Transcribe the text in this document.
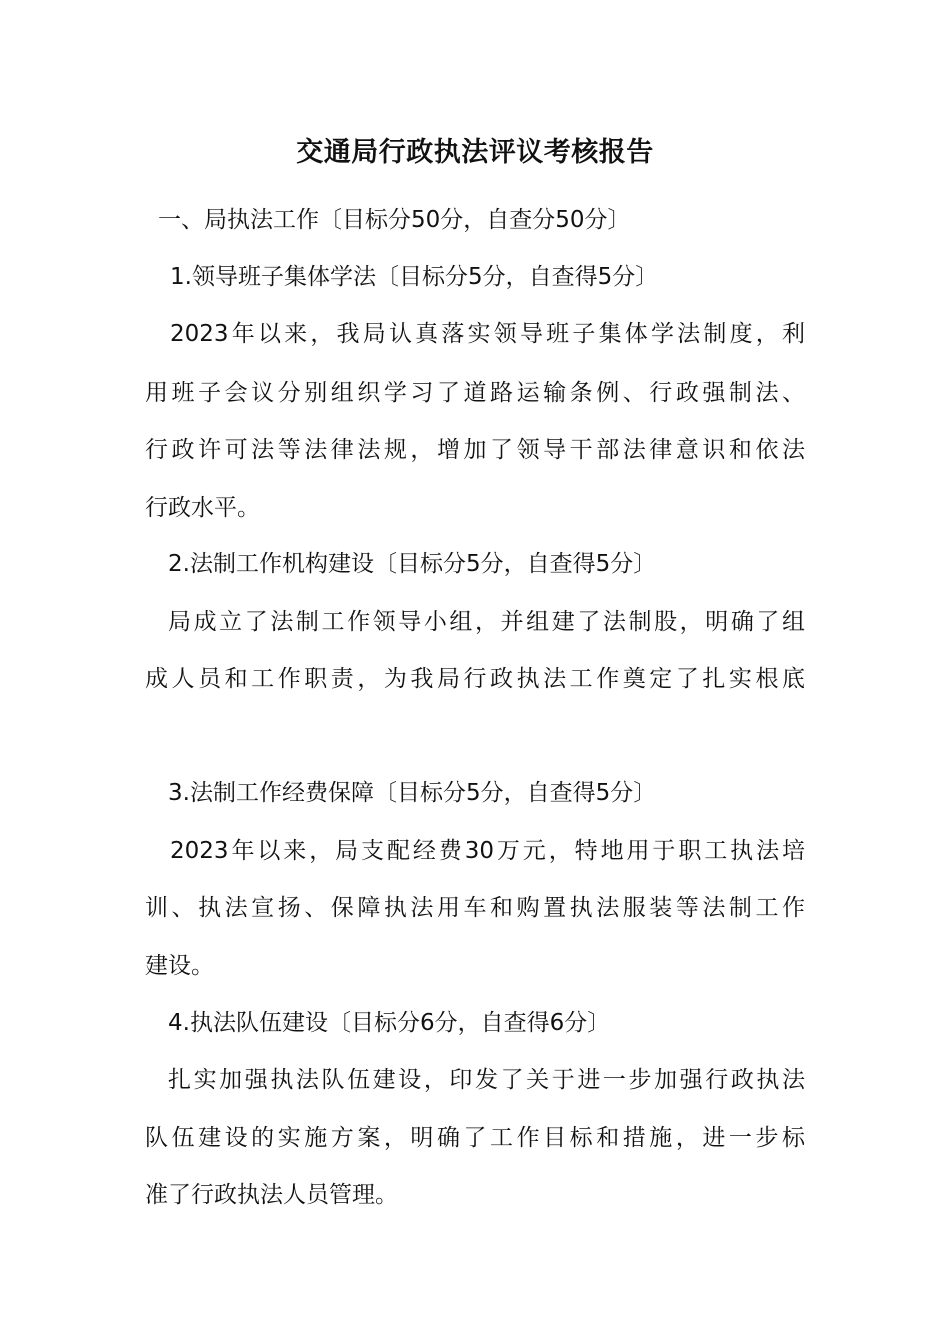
交通局行政执法评议考核报告

一、局执法工作〔目标分50分，自查分50分〕

1.领导班子集体学法〔目标分5分，自查得5分〕

2023年以来，我局认真落实领导班子集体学法制度，利

用班子会议分别组织学习了道路运输条例、行政强制法、

行政许可法等法律法规，增加了领导干部法律意识和依法

行政水平。

2.法制工作机构建设〔目标分5分，自查得5分〕

局成立了法制工作领导小组，并组建了法制股，明确了组

成人员和工作职责，为我局行政执法工作奠定了扎实根底

3.法制工作经费保障〔目标分5分，自查得5分〕

2023年以来，局支配经费30万元，特地用于职工执法培

训、执法宣扬、保障执法用车和购置执法服装等法制工作

建设。

4.执法队伍建设〔目标分6分，自查得6分〕

扎实加强执法队伍建设，印发了关于进一步加强行政执法

队伍建设的实施方案，明确了工作目标和措施，进一步标

准了行政执法人员管理。
